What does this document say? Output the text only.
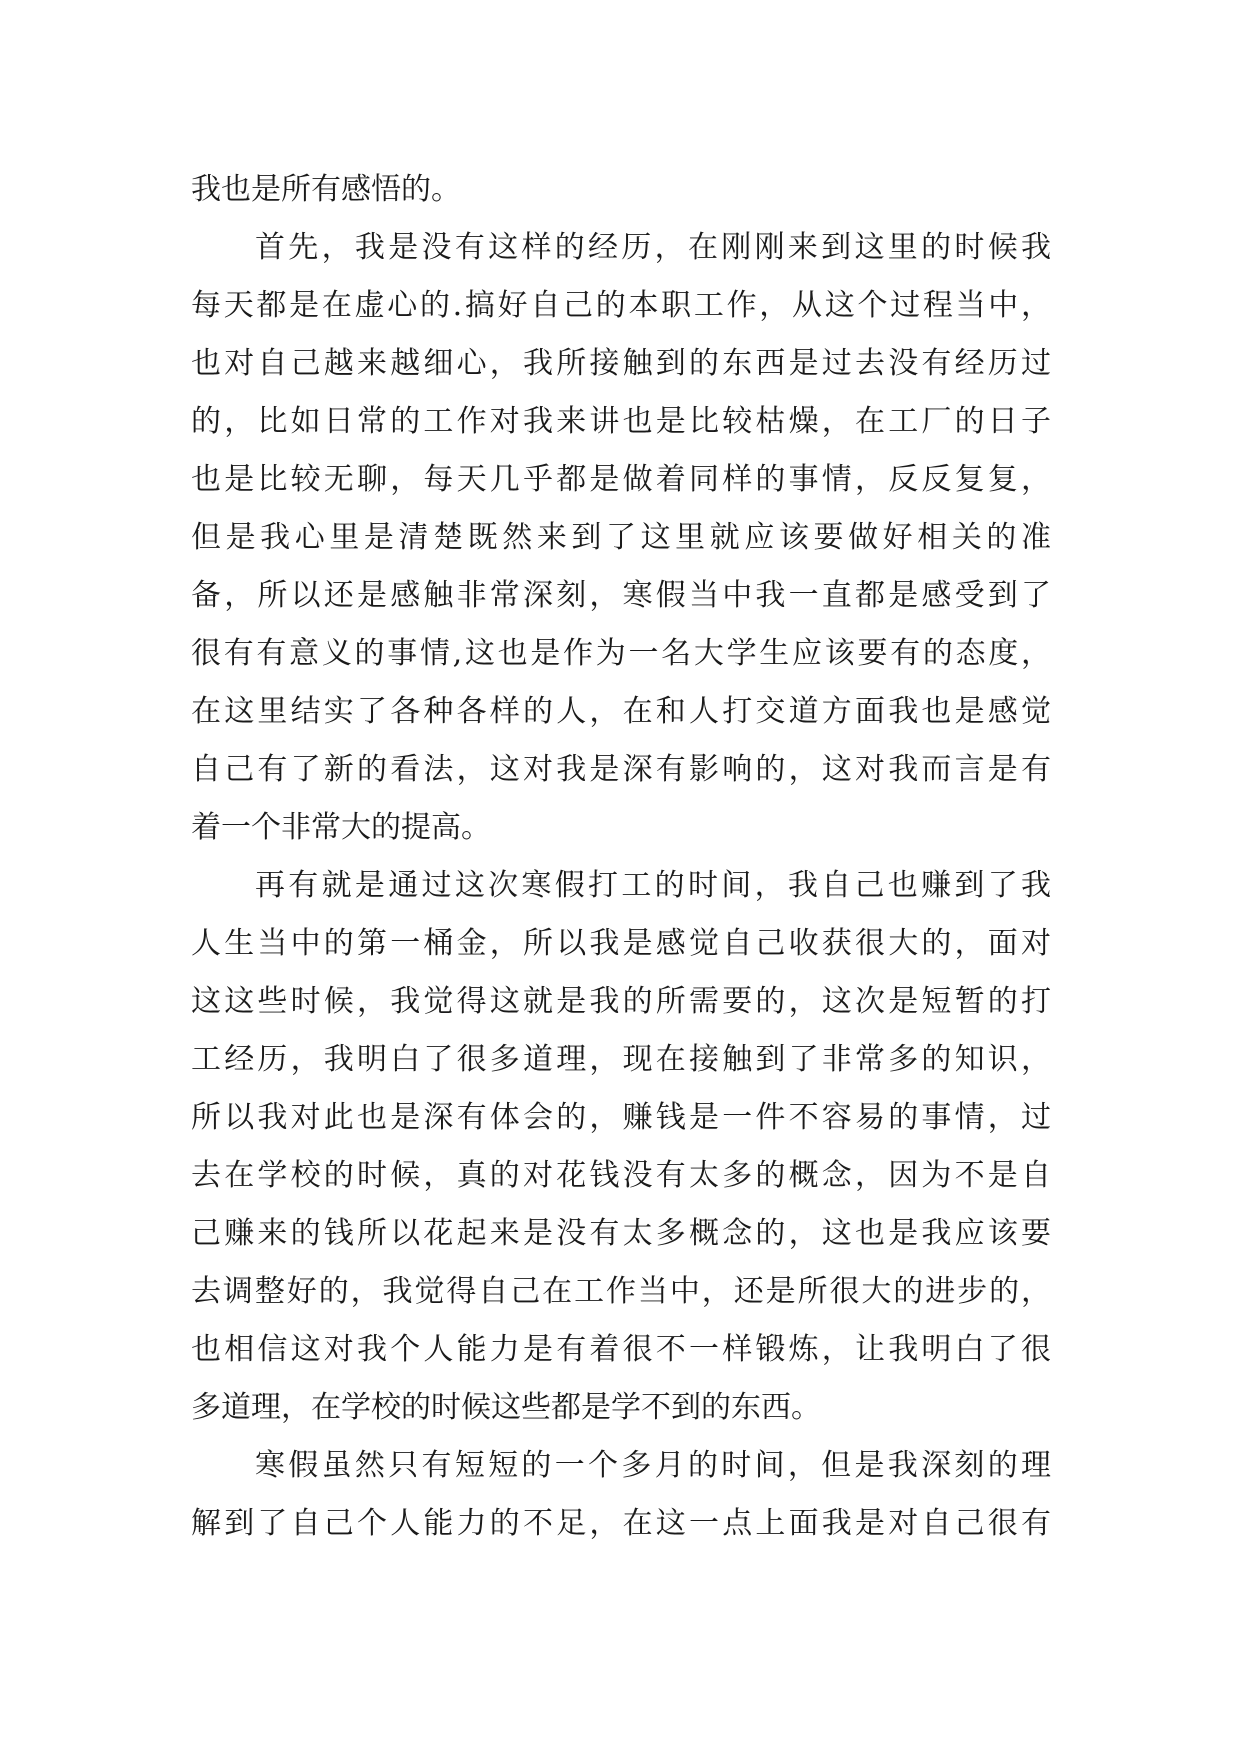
我也是所有感悟的。
首先，我是没有这样的经历，在刚刚来到这里的时候我
每天都是在虚心的.搞好自己的本职工作，从这个过程当中，
也对自己越来越细心，我所接触到的东西是过去没有经历过
的，比如日常的工作对我来讲也是比较枯燥，在工厂的日子
也是比较无聊，每天几乎都是做着同样的事情，反反复复，
但是我心里是清楚既然来到了这里就应该要做好相关的准
备，所以还是感触非常深刻，寒假当中我一直都是感受到了
很有有意义的事情,这也是作为一名大学生应该要有的态度，
在这里结实了各种各样的人，在和人打交道方面我也是感觉
自己有了新的看法，这对我是深有影响的，这对我而言是有
着一个非常大的提高。
再有就是通过这次寒假打工的时间，我自己也赚到了我
人生当中的第一桶金，所以我是感觉自己收获很大的，面对
这这些时候，我觉得这就是我的所需要的，这次是短暂的打
工经历，我明白了很多道理，现在接触到了非常多的知识，
所以我对此也是深有体会的，赚钱是一件不容易的事情，过
去在学校的时候，真的对花钱没有太多的概念，因为不是自
己赚来的钱所以花起来是没有太多概念的，这也是我应该要
去调整好的，我觉得自己在工作当中，还是所很大的进步的，
也相信这对我个人能力是有着很不一样锻炼，让我明白了很
多道理，在学校的时候这些都是学不到的东西。
寒假虽然只有短短的一个多月的时间，但是我深刻的理
解到了自己个人能力的不足，在这一点上面我是对自己很有
